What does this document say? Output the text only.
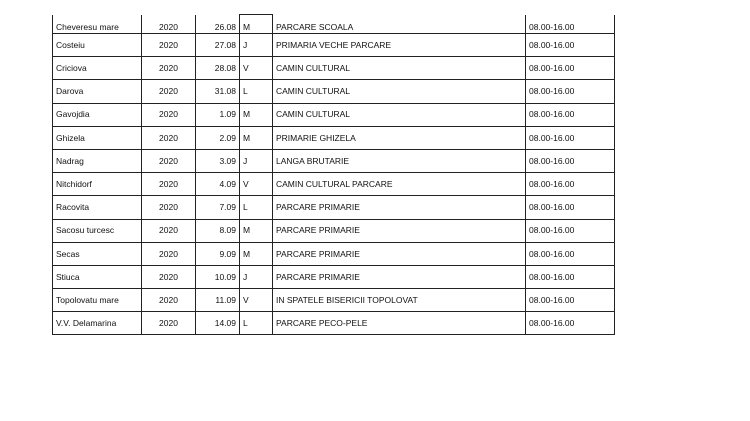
Cheveresu mare	2020	26.08	M	PARCARE SCOALA	08.00-16.00
Costeiu	2020	27.08	J	PRIMARIA VECHE PARCARE	08.00-16.00
Criciova	2020	28.08	V	CAMIN CULTURAL	08.00-16.00
Darova	2020	31.08	L	CAMIN CULTURAL	08.00-16.00
Gavojdia	2020	1.09	M	CAMIN CULTURAL	08.00-16.00
Ghizela	2020	2.09	M	PRIMARIE GHIZELA	08.00-16.00
Nadrag	2020	3.09	J	LANGA BRUTARIE	08.00-16.00
Nitchidorf	2020	4.09	V	CAMIN CULTURAL PARCARE	08.00-16.00
Racovita	2020	7.09	L	PARCARE PRIMARIE	08.00-16.00
Sacosu turcesc	2020	8.09	M	PARCARE PRIMARIE	08.00-16.00
Secas	2020	9.09	M	PARCARE PRIMARIE	08.00-16.00
Stiuca	2020	10.09	J	PARCARE PRIMARIE	08.00-16.00
Topolovatu mare	2020	11.09	V	IN SPATELE BISERICII TOPOLOVAT	08.00-16.00
V.V. Delamarina	2020	14.09	L	PARCARE PECO-PELE	08.00-16.00
